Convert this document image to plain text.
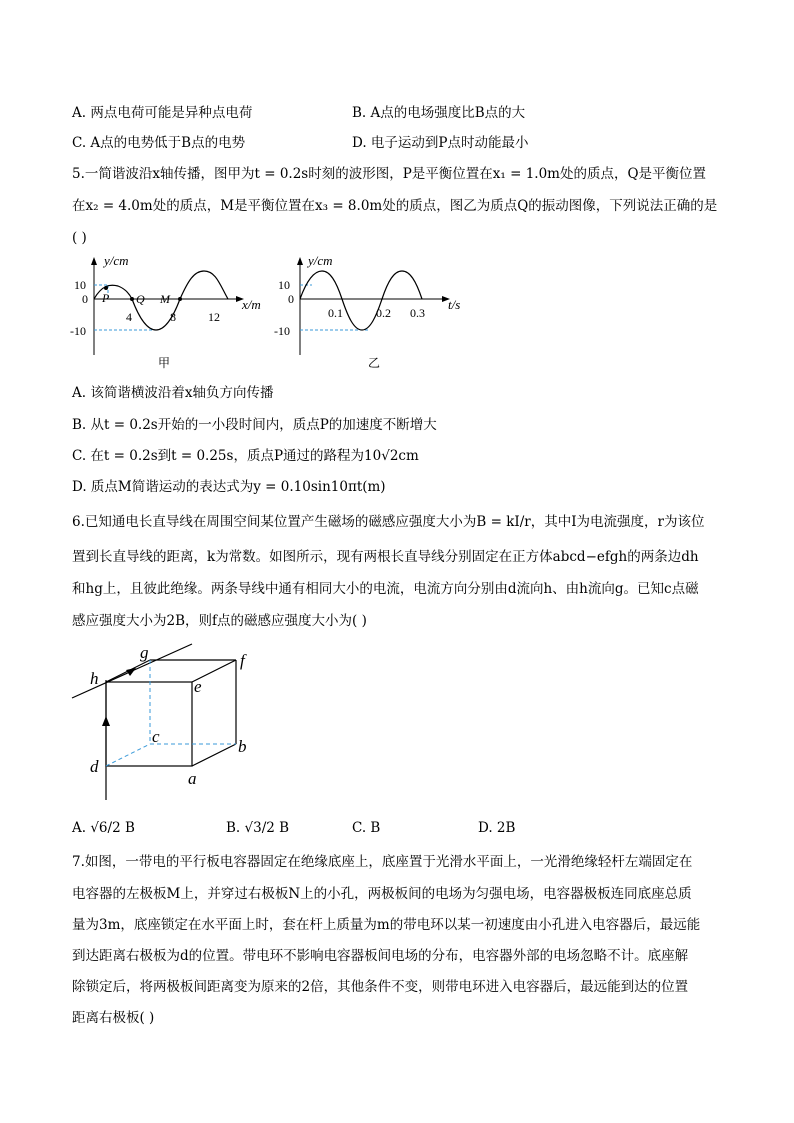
A. 两点电荷可能是异种点电荷	B. A点的电场强度比B点的大
C. A点的电势低于B点的电势	D. 电子运动到P点时动能最小
5.一简谐波沿x轴传播，图甲为t = 0.2s时刻的波形图，P是平衡位置在x₁ = 1.0m处的质点，Q是平衡位置
在x₂ = 4.0m处的质点，M是平衡位置在x₃ = 8.0m处的质点，图乙为质点Q的振动图像，下列说法正确的是
( )
y/cm
10
0
-10
P Q M
4	8	12
x/m
甲
y/cm
10
0
-10
0.1	0.2 0.3
t/s
乙
A. 该简谐横波沿着x轴负方向传播
B. 从t = 0.2s开始的一小段时间内，质点P的加速度不断增大
C. 在t = 0.2s到t = 0.25s，质点P通过的路程为10√2cm
D. 质点M简谐运动的表达式为y = 0.10sin10πt(m)
6.已知通电长直导线在周围空间某位置产生磁场的磁感应强度大小为B = kI/r，其中I为电流强度，r为该位
置到长直导线的距离，k为常数。如图所示，现有两根长直导线分别固定在正方体abcd−efgh的两条边dh
和hg上，且彼此绝缘。两条导线中通有相同大小的电流，电流方向分别由d流向h、由h流向g。已知c点磁
感应强度大小为2B，则f点的磁感应强度大小为( )
h
g	f
e
c
b
d
a
A. √6/2 B	B. √3/2 B	C. B	D. 2B
7.如图，一带电的平行板电容器固定在绝缘底座上，底座置于光滑水平面上，一光滑绝缘轻杆左端固定在
电容器的左极板M上，并穿过右极板N上的小孔，两极板间的电场为匀强电场，电容器极板连同底座总质
量为3m，底座锁定在水平面上时，套在杆上质量为m的带电环以某一初速度由小孔进入电容器后，最远能
到达距离右极板为d的位置。带电环不影响电容器板间电场的分布，电容器外部的电场忽略不计。底座解
除锁定后，将两极板间距离变为原来的2倍，其他条件不变，则带电环进入电容器后，最远能到达的位置
距离右极板( )
